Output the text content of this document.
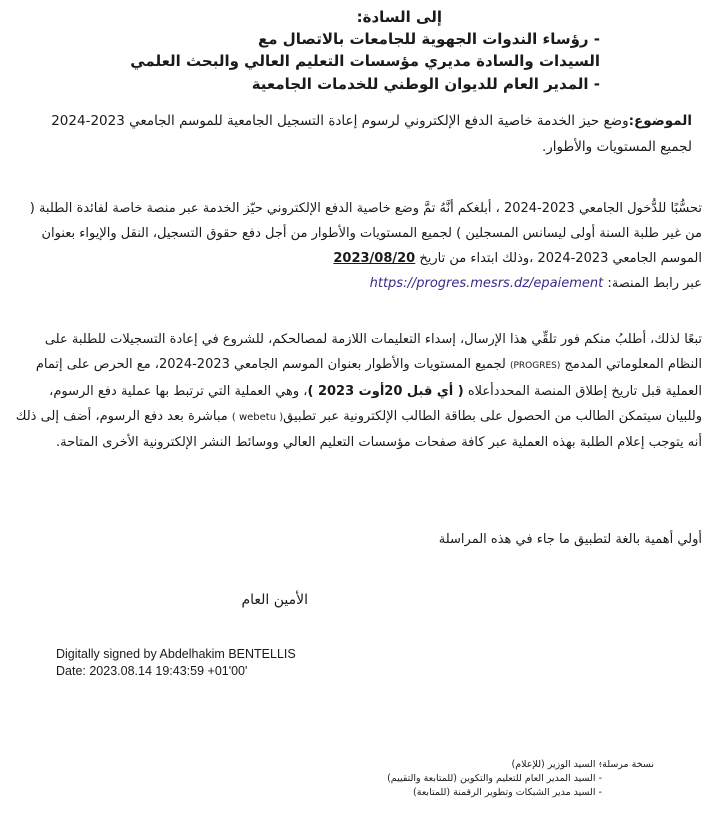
إلى السادة:
- رؤساء الندوات الجهوية للجامعات بالاتصال مع
السيدات والسادة مديري مؤسسات التعليم العالي والبحث العلمي
- المدير العام للديوان الوطني للخدمات الجامعية
الموضوع:وضع حيز الخدمة خاصية الدفع الإلكتروني لرسوم إعادة التسجيل الجامعية للموسم الجامعي 2023-2024 لجميع المستويات والأطوار.
تحسُّبًا للدُّخول الجامعي 2023-2024 ، أبلغكم أنَّهُ تمَّ وضع خاصية الدفع الإلكتروني حيّز الخدمة عبر منصة خاصة لفائدة الطلبة ( من غير طلبة السنة أولى ليسانس المسجلين ) لجميع المستويات والأطوار من أجل دفع حقوق التسجيل، النقل والإيواء بعنوان الموسم الجامعي 2023-2024 ،وذلك ابتداء من تاريخ 2023/08/20
عبر رابط المنصة: https://progres.mesrs.dz/epaiement
تبعًا لذلك، أطلبُ منكم فور تلقِّي هذا الإرسال، إسداء التعليمات اللازمة لمصالحكم، للشروع في إعادة التسجيلات للطلبة على النظام المعلوماتي المدمج (PROGRES) لجميع المستويات والأطوار بعنوان الموسم الجامعي 2023-2024، مع الحرص على إتمام العملية قبل تاريخ إطلاق المنصة المحددأعلاه ( أي قبل 20أوت 2023 )، وهي العملية التي ترتبط بها عملية دفع الرسوم، وللبيان سيتمكن الطالب من الحصول على بطاقة الطالب الإلكترونية عبر تطبيق( webetu ) مباشرة بعد دفع الرسوم، أضف إلى ذلك أنه يتوجب إعلام الطلبة بهذه العملية عبر كافة صفحات مؤسسات التعليم العالي ووسائط النشر الإلكترونية الأخرى المتاحة.
أولي أهمية بالغة لتطبيق ما جاء في هذه المراسلة
الأمين العام
Digitally signed by Abdelhakim BENTELLIS
Date: 2023.08.14 19:43:59 +01'00'
نسخة مرسلة:
- السيد الوزير (للإعلام)
- السيد المدير العام للتعليم والتكوين (للمتابعة والتقييم)
- السيد مدير الشبكات وتطوير الرقمنة (للمتابعة)
